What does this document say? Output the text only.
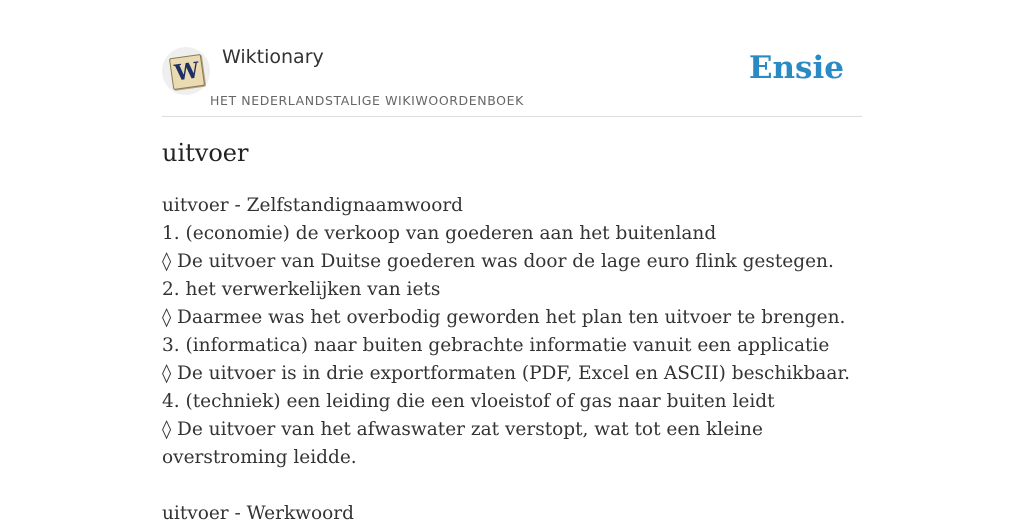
W
Wiktionary
HET NEDERLANDSTALIGE WIKIWOORDENBOEK
Ensie
uitvoer
uitvoer - Zelfstandignaamwoord
1. (economie) de verkoop van goederen aan het buitenland
◊ De uitvoer van Duitse goederen was door de lage euro flink gestegen.
2. het verwerkelijken van iets
◊ Daarmee was het overbodig geworden het plan ten uitvoer te brengen.
3. (informatica) naar buiten gebrachte informatie vanuit een applicatie
◊ De uitvoer is in drie exportformaten (PDF, Excel en ASCII) beschikbaar.
4. (techniek) een leiding die een vloeistof of gas naar buiten leidt
◊ De uitvoer van het afwaswater zat verstopt, wat tot een kleine overstroming leidde.
uitvoer - Werkwoord
